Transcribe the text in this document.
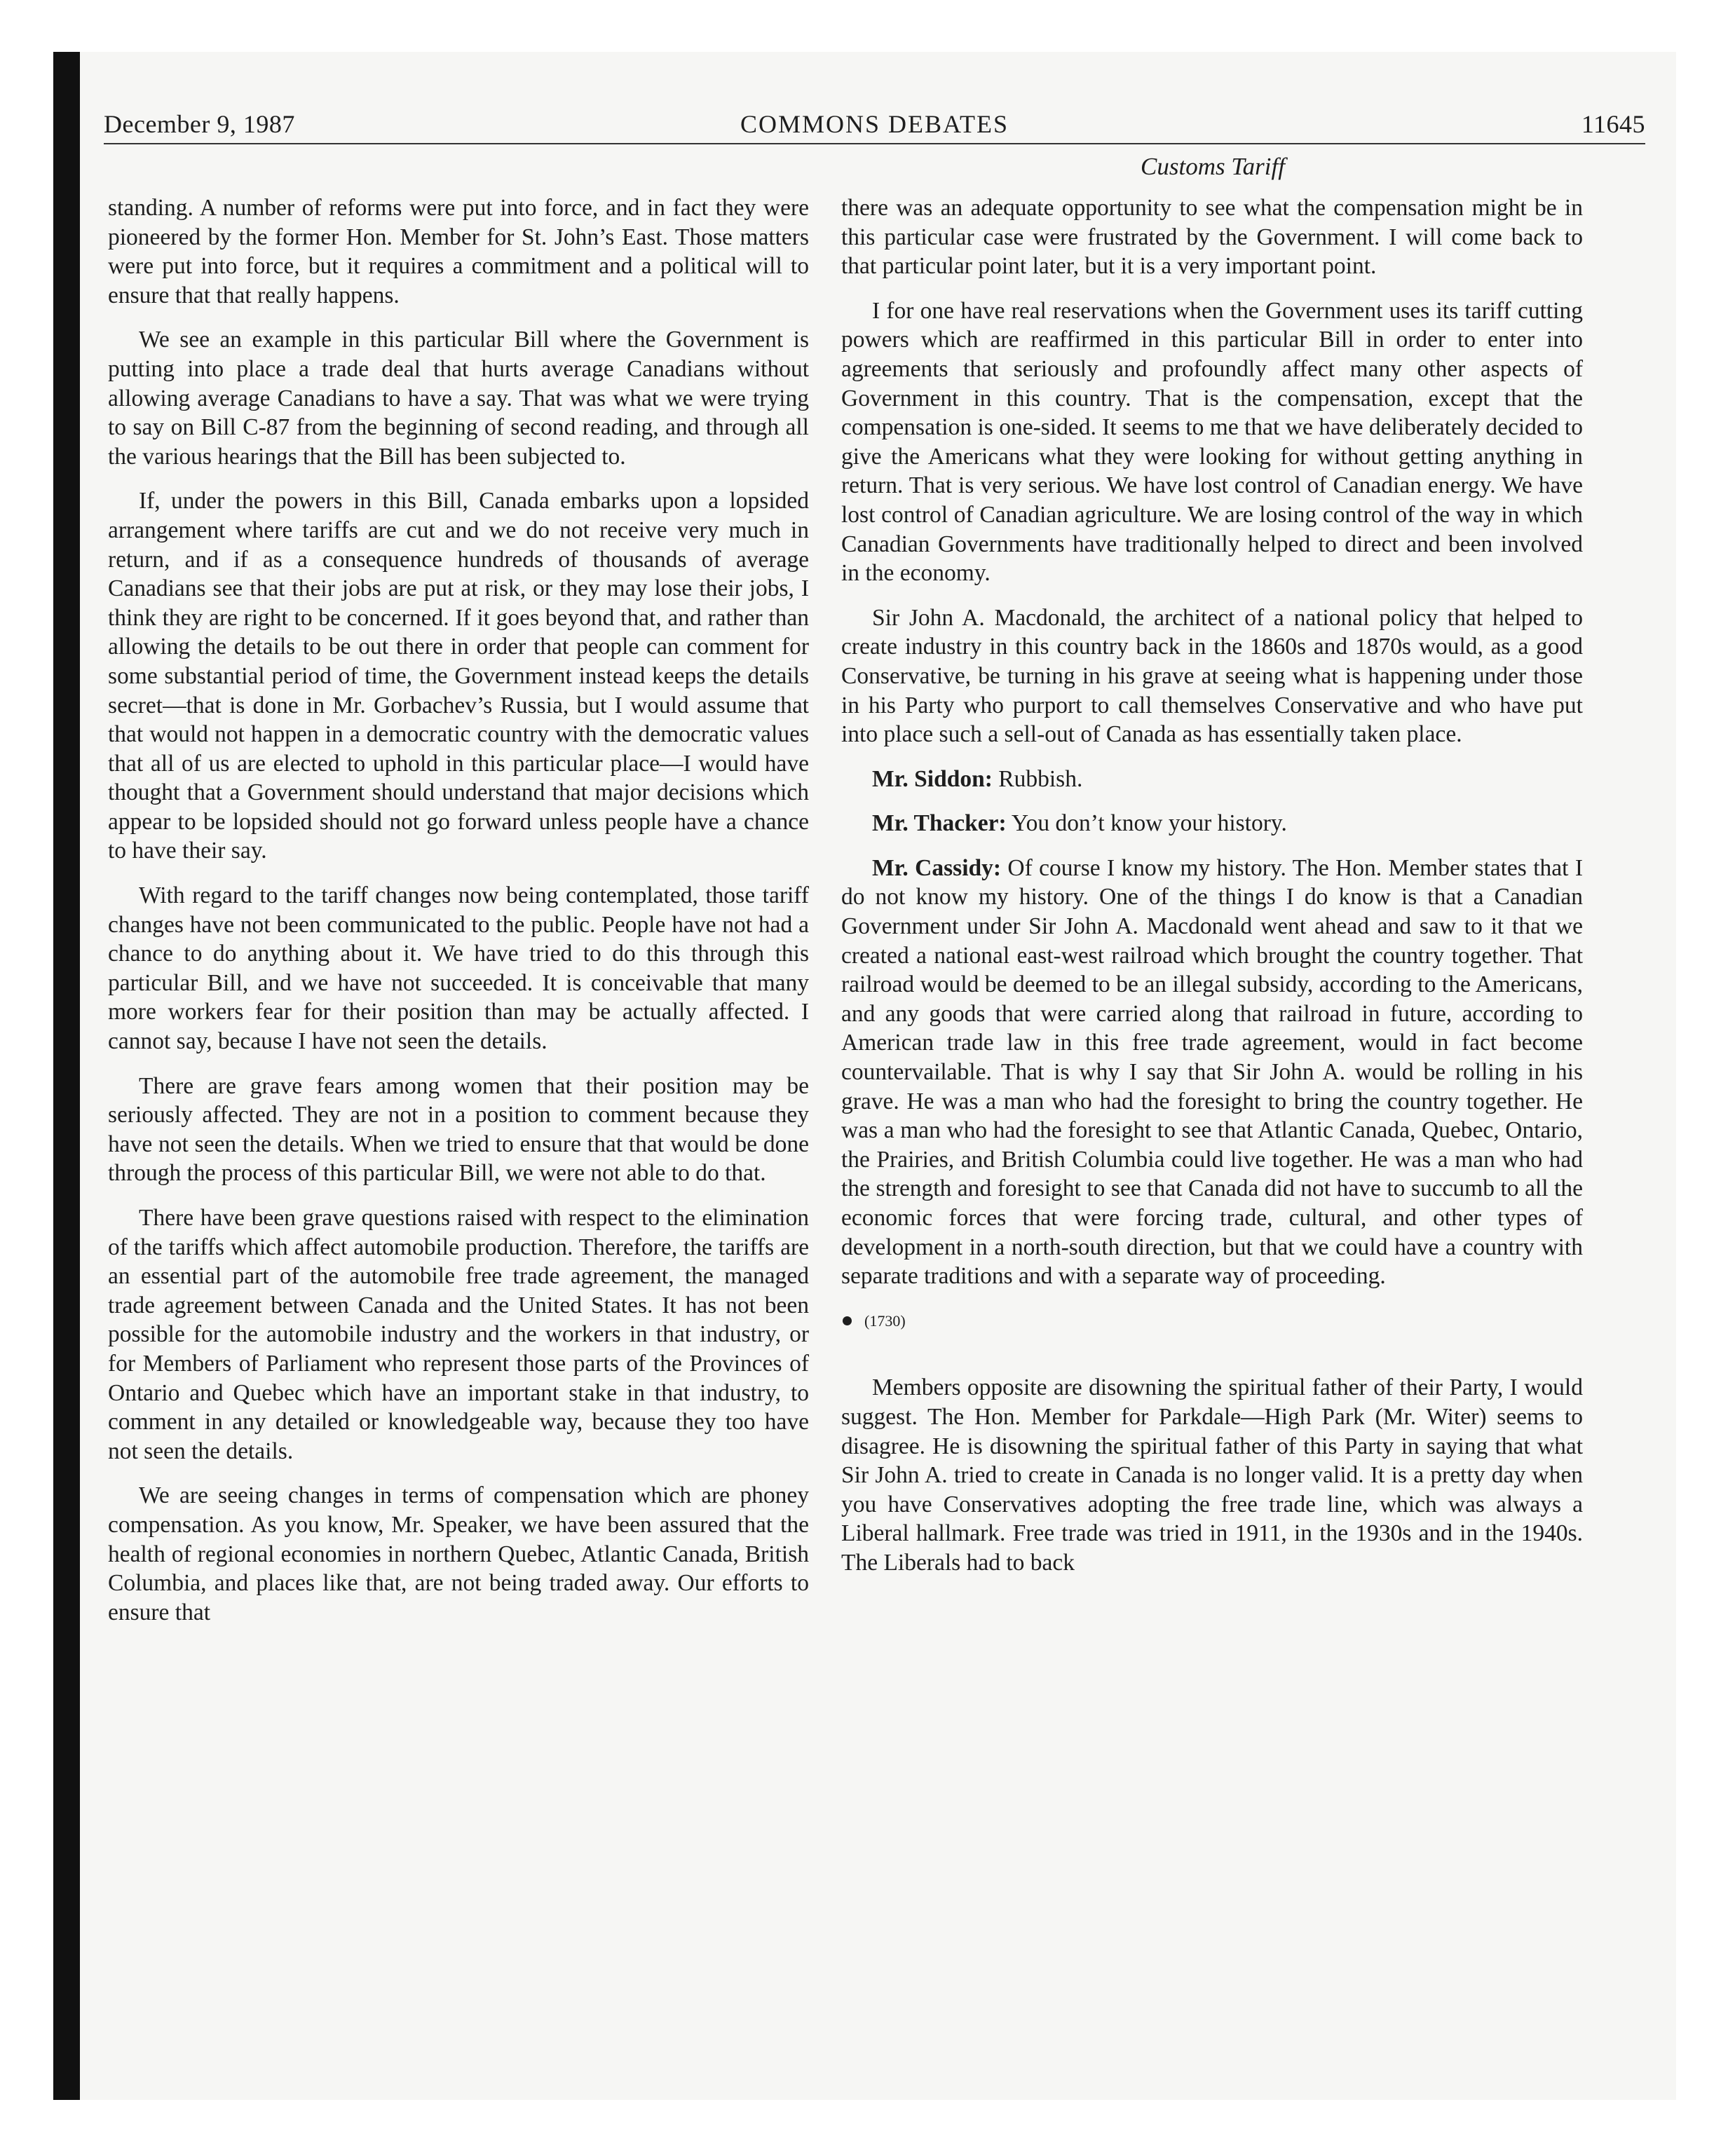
December 9, 1987	COMMONS DEBATES	11645
Customs Tariff

standing. A number of reforms were put into force, and in fact they were pioneered by the former Hon. Member for St. John’s East. Those matters were put into force, but it requires a commitment and a political will to ensure that that really happens.

We see an example in this particular Bill where the Government is putting into place a trade deal that hurts average Canadians without allowing average Canadians to have a say. That was what we were trying to say on Bill C-87 from the beginning of second reading, and through all the various hearings that the Bill has been subjected to.

If, under the powers in this Bill, Canada embarks upon a lopsided arrangement where tariffs are cut and we do not receive very much in return, and if as a consequence hundreds of thousands of average Canadians see that their jobs are put at risk, or they may lose their jobs, I think they are right to be concerned. If it goes beyond that, and rather than allowing the details to be out there in order that people can comment for some substantial period of time, the Government instead keeps the details secret—that is done in Mr. Gorbachev’s Russia, but I would assume that that would not happen in a democratic country with the democratic values that all of us are elected to uphold in this particular place—I would have thought that a Government should understand that major decisions which appear to be lopsided should not go forward unless people have a chance to have their say.

With regard to the tariff changes now being contemplated, those tariff changes have not been communicated to the public. People have not had a chance to do anything about it. We have tried to do this through this particular Bill, and we have not succeeded. It is conceivable that many more workers fear for their position than may be actually affected. I cannot say, because I have not seen the details.

There are grave fears among women that their position may be seriously affected. They are not in a position to comment because they have not seen the details. When we tried to ensure that that would be done through the process of this particular Bill, we were not able to do that.

There have been grave questions raised with respect to the elimination of the tariffs which affect automobile production. Therefore, the tariffs are an essential part of the automobile free trade agreement, the managed trade agreement between Canada and the United States. It has not been possible for the automobile industry and the workers in that industry, or for Members of Parliament who represent those parts of the Provinces of Ontario and Quebec which have an important stake in that industry, to comment in any detailed or knowledgeable way, because they too have not seen the details.

We are seeing changes in terms of compensation which are phoney compensation. As you know, Mr. Speaker, we have been assured that the health of regional economies in northern Quebec, Atlantic Canada, British Columbia, and places like that, are not being traded away. Our efforts to ensure that

there was an adequate opportunity to see what the compensation might be in this particular case were frustrated by the Government. I will come back to that particular point later, but it is a very important point.

I for one have real reservations when the Government uses its tariff cutting powers which are reaffirmed in this particular Bill in order to enter into agreements that seriously and profoundly affect many other aspects of Government in this country. That is the compensation, except that the compensation is one-sided. It seems to me that we have deliberately decided to give the Americans what they were looking for without getting anything in return. That is very serious. We have lost control of Canadian energy. We have lost control of Canadian agriculture. We are losing control of the way in which Canadian Governments have traditionally helped to direct and been involved in the economy.

Sir John A. Macdonald, the architect of a national policy that helped to create industry in this country back in the 1860s and 1870s would, as a good Conservative, be turning in his grave at seeing what is happening under those in his Party who purport to call themselves Conservative and who have put into place such a sell-out of Canada as has essentially taken place.

Mr. Siddon: Rubbish.

Mr. Thacker: You don’t know your history.

Mr. Cassidy: Of course I know my history. The Hon. Member states that I do not know my history. One of the things I do know is that a Canadian Government under Sir John A. Macdonald went ahead and saw to it that we created a national east-west railroad which brought the country together. That railroad would be deemed to be an illegal subsidy, according to the Americans, and any goods that were carried along that railroad in future, according to American trade law in this free trade agreement, would in fact become countervailable. That is why I say that Sir John A. would be rolling in his grave. He was a man who had the foresight to bring the country together. He was a man who had the foresight to see that Atlantic Canada, Quebec, Ontario, the Prairies, and British Columbia could live together. He was a man who had the strength and foresight to see that Canada did not have to succumb to all the economic forces that were forcing trade, cultural, and other types of development in a north-south direction, but that we could have a country with separate traditions and with a separate way of proceeding.

(1730)

Members opposite are disowning the spiritual father of their Party, I would suggest. The Hon. Member for Parkdale—High Park (Mr. Witer) seems to disagree. He is disowning the spiritual father of this Party in saying that what Sir John A. tried to create in Canada is no longer valid. It is a pretty day when you have Conservatives adopting the free trade line, which was always a Liberal hallmark. Free trade was tried in 1911, in the 1930s and in the 1940s. The Liberals had to back
